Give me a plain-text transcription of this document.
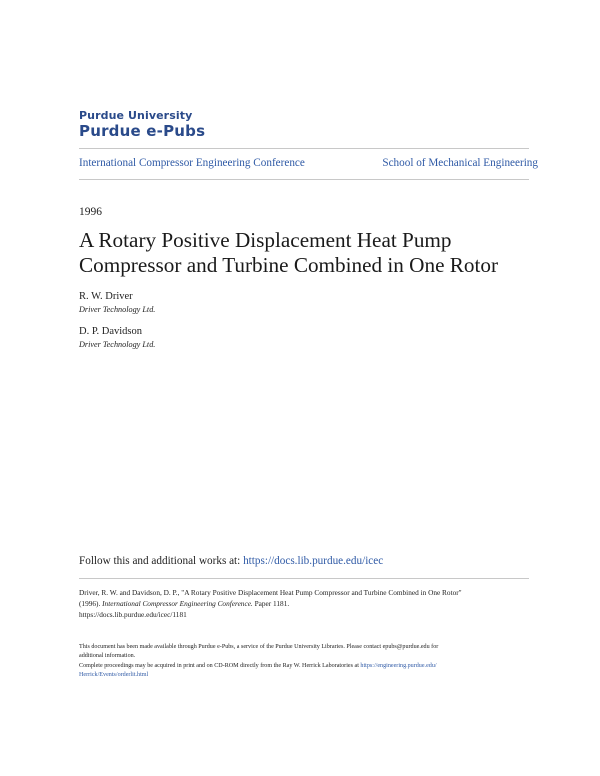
Purdue University
Purdue e-Pubs
International Compressor Engineering Conference	School of Mechanical Engineering
1996
A Rotary Positive Displacement Heat Pump
Compressor and Turbine Combined in One Rotor
R. W. Driver
Driver Technology Ltd.
D. P. Davidson
Driver Technology Ltd.
Follow this and additional works at: https://docs.lib.purdue.edu/icec
Driver, R. W. and Davidson, D. P., "A Rotary Positive Displacement Heat Pump Compressor and Turbine Combined in One Rotor"
(1996). International Compressor Engineering Conference. Paper 1181.
https://docs.lib.purdue.edu/icec/1181
This document has been made available through Purdue e-Pubs, a service of the Purdue University Libraries. Please contact epubs@purdue.edu for
additional information.
Complete proceedings may be acquired in print and on CD-ROM directly from the Ray W. Herrick Laboratories at https://engineering.purdue.edu/
Herrick/Events/orderlit.html
